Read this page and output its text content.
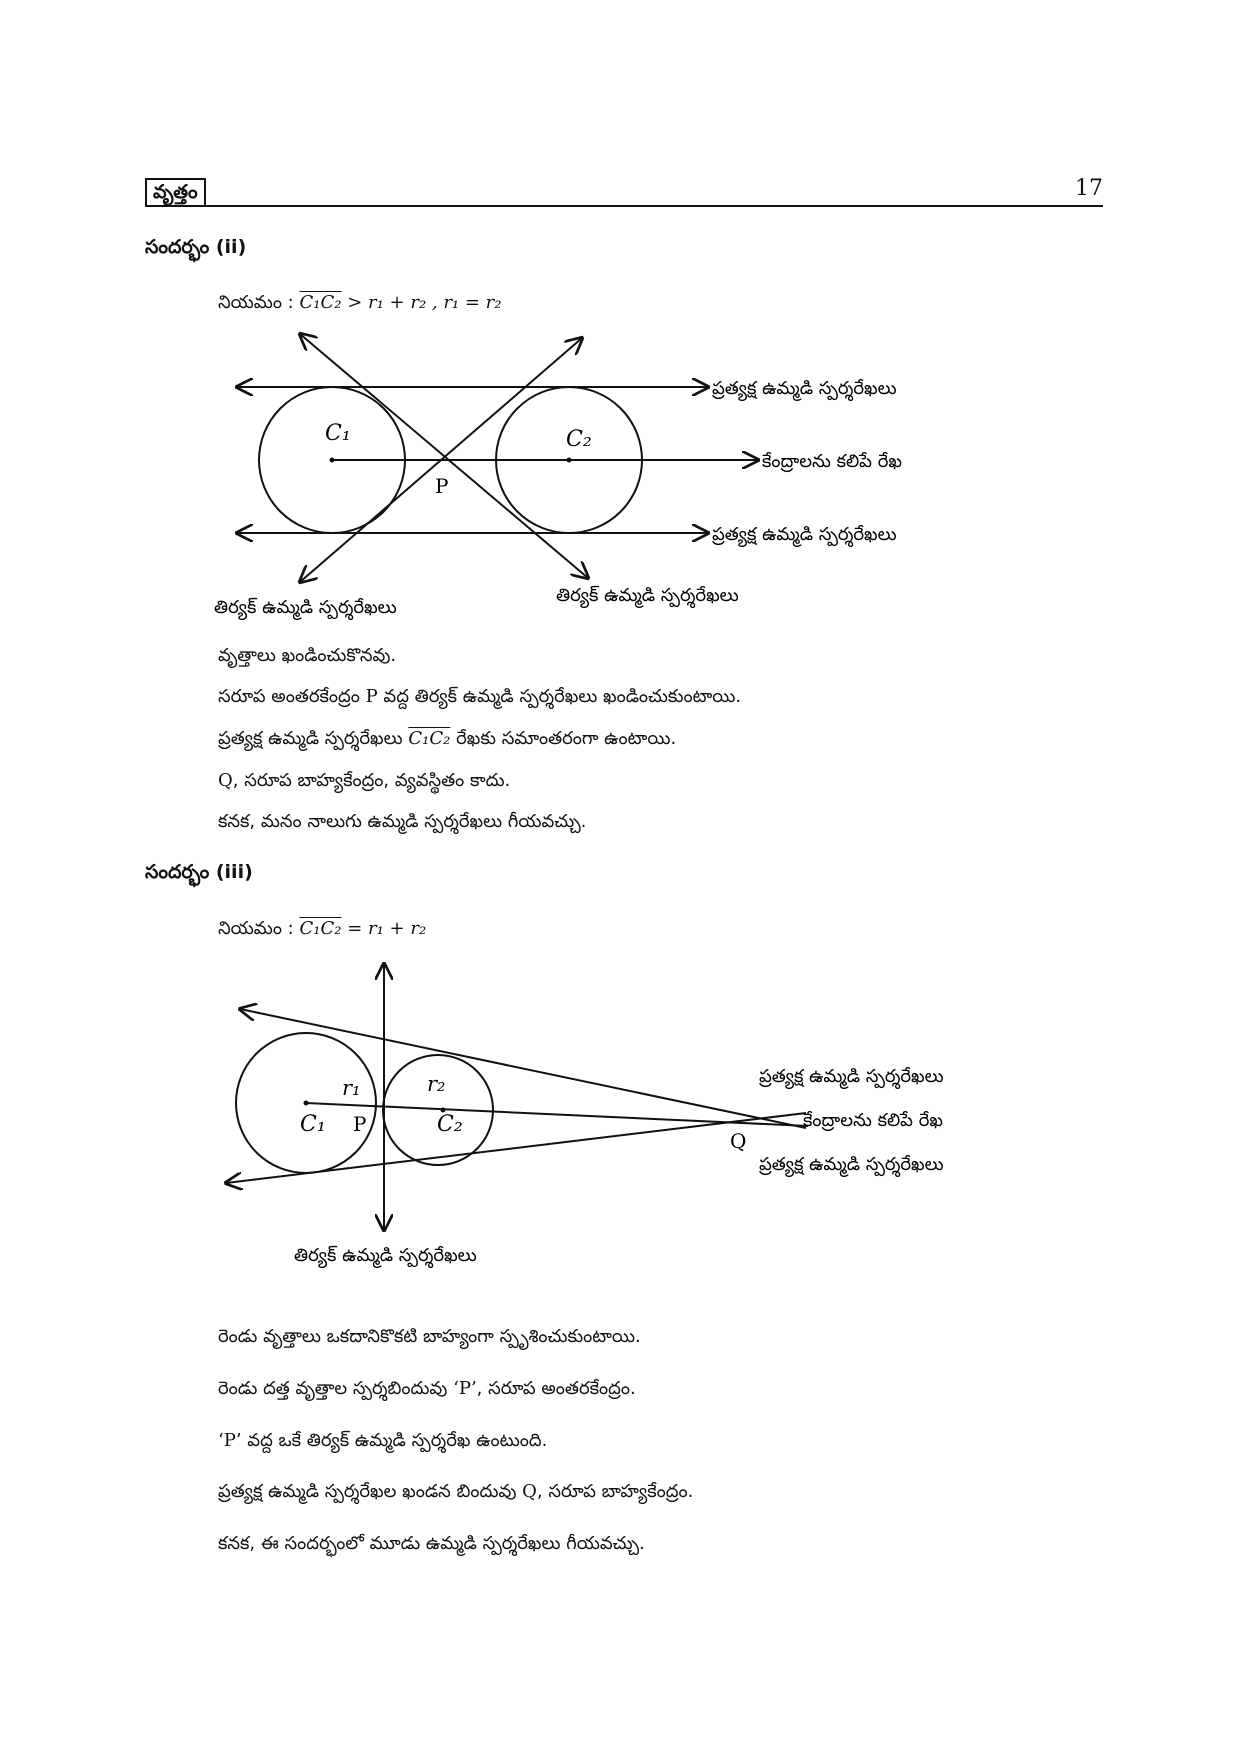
వృత్తం	17
సందర్భం (ii)
నియమం : C₁C₂ > r₁ + r₂ , r₁ = r₂
C₁	C₂
P
ప్రత్యక్ష ఉమ్మడి స్పర్శరేఖలు
కేంద్రాలను కలిపే రేఖ
ప్రత్యక్ష ఉమ్మడి స్పర్శరేఖలు
తిర్యక్ ఉమ్మడి స్పర్శరేఖలు
తిర్యక్ ఉమ్మడి స్పర్శరేఖలు
వృత్తాలు ఖండించుకొనవు.
సరూప అంతరకేంద్రం P వద్ద తిర్యక్ ఉమ్మడి స్పర్శరేఖలు ఖండించుకుంటాయి.
ప్రత్యక్ష ఉమ్మడి స్పర్శరేఖలు C₁C₂ రేఖకు సమాంతరంగా ఉంటాయి.
Q, సరూప బాహ్యకేంద్రం, వ్యవస్థితం కాదు.
కనక, మనం నాలుగు ఉమ్మడి స్పర్శరేఖలు గీయవచ్చు.
సందర్భం (iii)
నియమం : C₁C₂ = r₁ + r₂
r₁	r₂
C₁ P	C₂
Q
ప్రత్యక్ష ఉమ్మడి స్పర్శరేఖలు
కేంద్రాలను కలిపే రేఖ
ప్రత్యక్ష ఉమ్మడి స్పర్శరేఖలు
తిర్యక్ ఉమ్మడి స్పర్శరేఖలు
రెండు వృత్తాలు ఒకదానికొకటి బాహ్యంగా స్పృశించుకుంటాయి.
రెండు దత్త వృత్తాల స్పర్శబిందువు ‘P’, సరూప అంతరకేంద్రం.
‘P’ వద్ద ఒకే తిర్యక్ ఉమ్మడి స్పర్శరేఖ ఉంటుంది.
ప్రత్యక్ష ఉమ్మడి స్పర్శరేఖల ఖండన బిందువు Q, సరూప బాహ్యకేంద్రం.
కనక, ఈ సందర్భంలో మూడు ఉమ్మడి స్పర్శరేఖలు గీయవచ్చు.
